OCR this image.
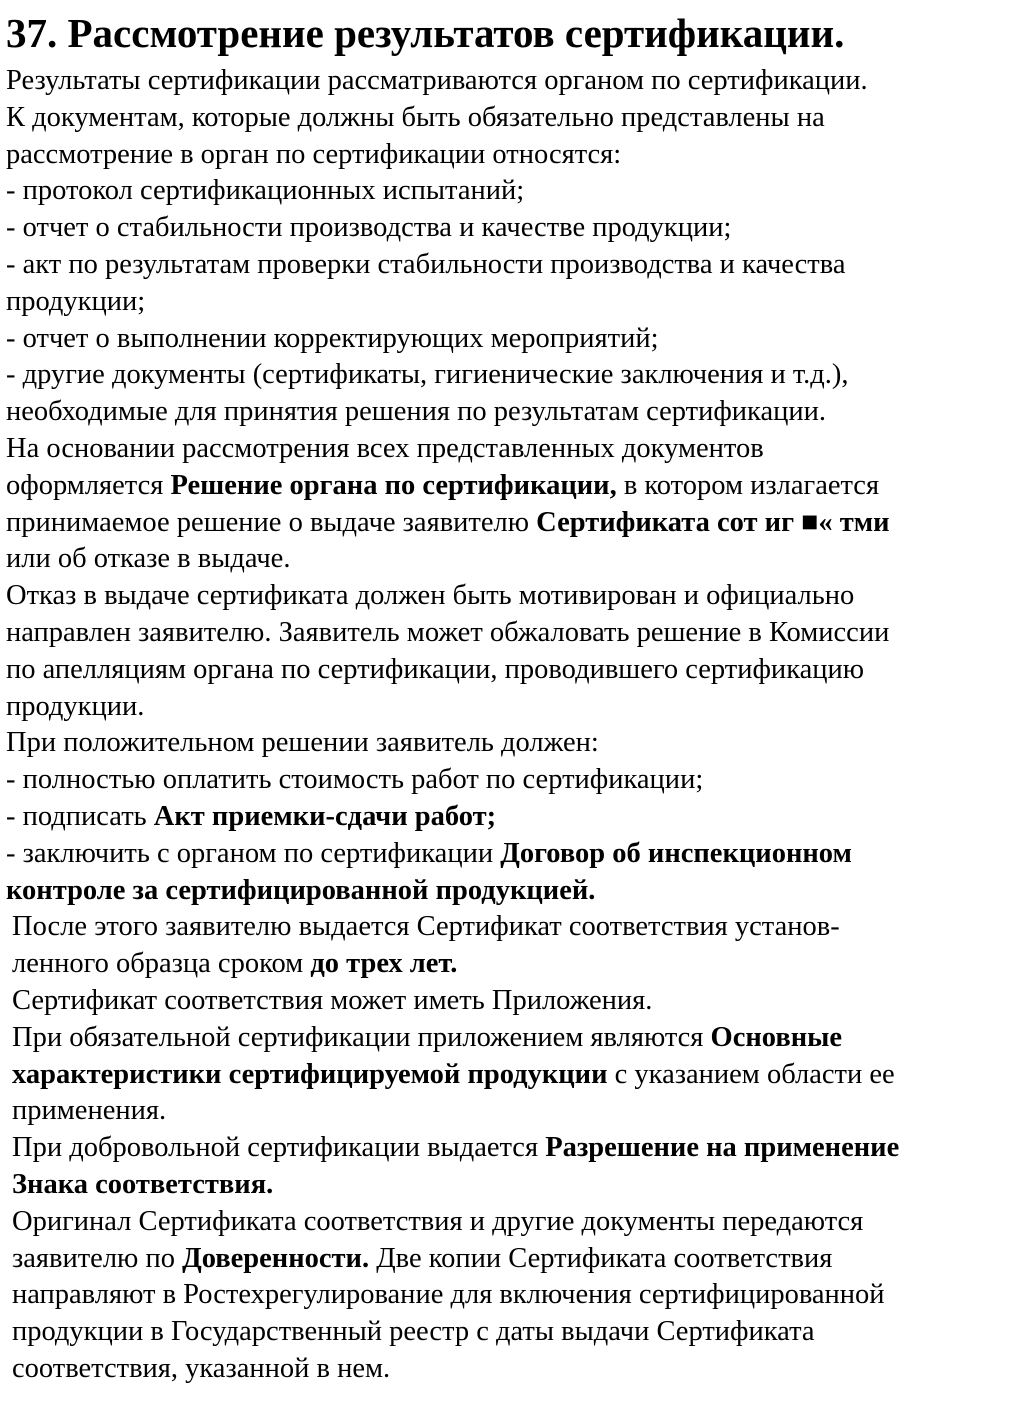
37. Рассмотрение результатов сертификации.
Результаты сертификации рассматриваются органом по сертификации.
К документам, которые должны быть обязательно представлены на
рассмотрение в орган по сертификации относятся:
- протокол сертификационных испытаний;
- отчет о стабильности производства и качестве продукции;
- акт по результатам проверки стабильности производства и качества
продукции;
- отчет о выполнении корректирующих мероприятий;
- другие документы (сертификаты, гигиенические заключения и т.д.),
необходимые для принятия решения по результатам сертификации.
На основании рассмотрения всех представленных документов
оформляется Решение органа по сертификации, в котором излагается
принимаемое решение о выдаче заявителю Сертификата сот иг ■« тми
или об отказе в выдаче.
Отказ в выдаче сертификата должен быть мотивирован и официально
направлен заявителю. Заявитель может обжаловать решение в Комиссии
по апелляциям органа по сертификации, проводившего сертификацию
продукции.
При положительном решении заявитель должен:
- полностью оплатить стоимость работ по сертификации;
- подписать Акт приемки-сдачи работ;
- заключить с органом по сертификации Договор об инспекционном
контроле за сертифицированной продукцией.
После этого заявителю выдается Сертификат соответствия установ-
ленного образца сроком до трех лет.
Сертификат соответствия может иметь Приложения.
При обязательной сертификации приложением являются Основные
характеристики сертифицируемой продукции с указанием области ее
применения.
При добровольной сертификации выдается Разрешение на применение
Знака соответствия.
Оригинал Сертификата соответствия и другие документы передаются
заявителю по Доверенности. Две копии Сертификата соответствия
направляют в Ростехрегулирование для включения сертифицированной
продукции в Государственный реестр с даты выдачи Сертификата
соответствия, указанной в нем.
